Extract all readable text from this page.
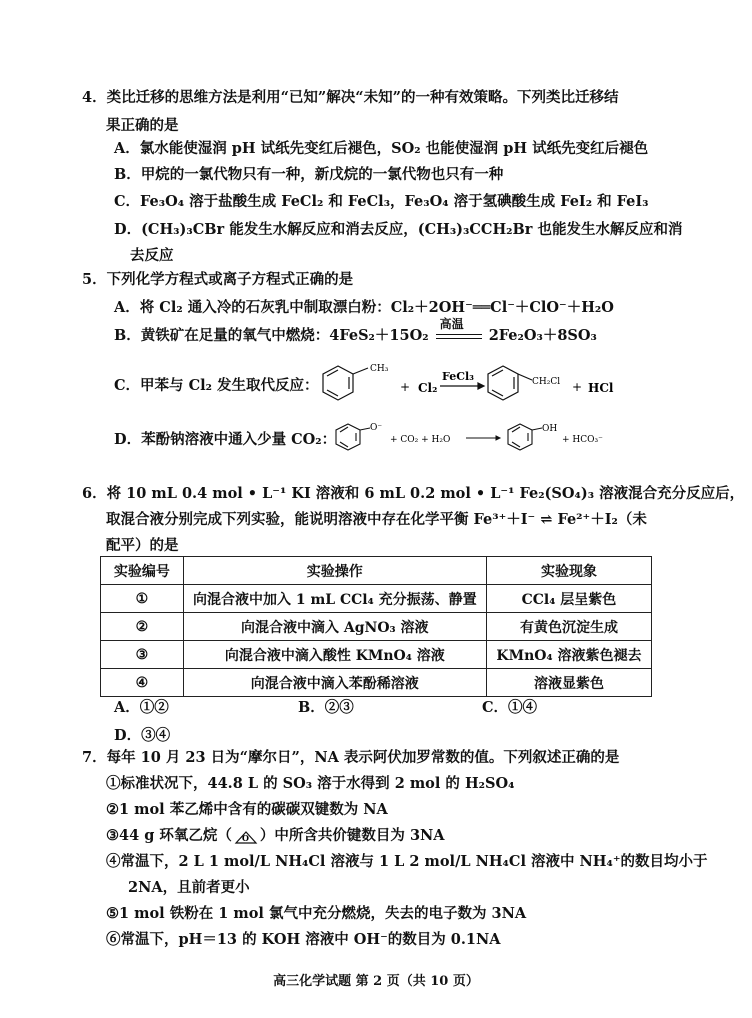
4．类比迁移的思维方法是利用“已知”解决“未知”的一种有效策略。下列类比迁移结
果正确的是
A．氯水能使湿润 pH 试纸先变红后褪色，SO₂ 也能使湿润 pH 试纸先变红后褪色
B．甲烷的一氯代物只有一种，新戊烷的一氯代物也只有一种
C．Fe₃O₄ 溶于盐酸生成 FeCl₂ 和 FeCl₃，Fe₃O₄ 溶于氢碘酸生成 FeI₂ 和 FeI₃
D．(CH₃)₃CBr 能发生水解反应和消去反应，(CH₃)₃CCH₂Br 也能发生水解反应和消
去反应
5．下列化学方程式或离子方程式正确的是
A．将 Cl₂ 通入冷的石灰乳中制取漂白粉：Cl₂＋2OH⁻══Cl⁻＋ClO⁻＋H₂O
B．黄铁矿在足量的氧气中燃烧：4FeS₂＋15O₂
高温
2Fe₂O₃＋8SO₃
C．甲苯与 Cl₂ 发生取代反应：
CH₃
+ Cl₂
FeCl₃	CH₂Cl + HCl
D．苯酚钠溶液中通入少量 CO₂：
O⁻
+ CO₂ + H₂O
OH
+ HCO₃⁻
6．将 10 mL 0.4 mol • L⁻¹ KI 溶液和 6 mL 0.2 mol • L⁻¹ Fe₂(SO₄)₃ 溶液混合充分反应后，
取混合液分别完成下列实验，能说明溶液中存在化学平衡 Fe³⁺＋I⁻ ⇌ Fe²⁺＋I₂（未
配平）的是
实验编号	实验操作	实验现象
①	向混合液中加入 1 mL CCl₄ 充分振荡、静置	CCl₄ 层呈紫色
②	向混合液中滴入 AgNO₃ 溶液	有黄色沉淀生成
③	向混合液中滴入酸性 KMnO₄ 溶液	KMnO₄ 溶液紫色褪去
④	向混合液中滴入苯酚稀溶液	溶液显紫色
A．①②	B．②③	C．①④
D．③④
7．每年 10 月 23 日为“摩尔日”，NA 表示阿伏加罗常数的值。下列叙述正确的是
①标准状况下，44.8 L 的 SO₃ 溶于水得到 2 mol 的 H₂SO₄
②1 mol 苯乙烯中含有的碳碳双键数为 NA
③44 g 环氧乙烷（ O ）中所含共价键数目为 3NA
④常温下，2 L 1 mol/L NH₄Cl 溶液与 1 L 2 mol/L NH₄Cl 溶液中 NH₄⁺的数目均小于
2NA，且前者更小
⑤1 mol 铁粉在 1 mol 氯气中充分燃烧，失去的电子数为 3NA
⑥常温下，pH＝13 的 KOH 溶液中 OH⁻的数目为 0.1NA
高三化学试题 第 2 页（共 10 页）
